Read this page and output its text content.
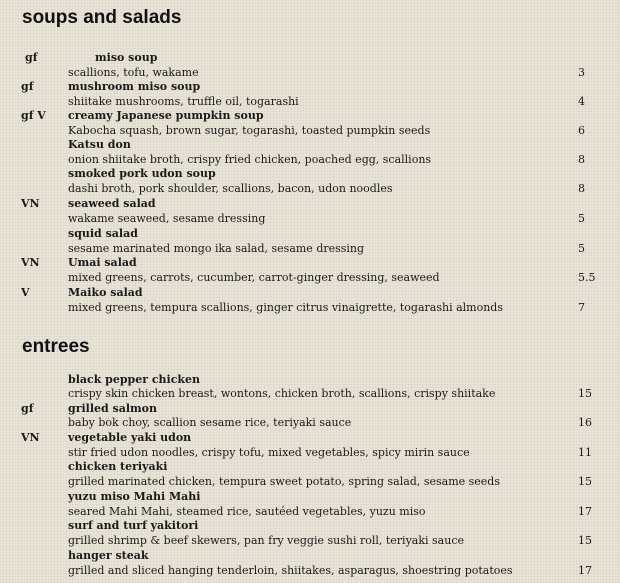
soups and salads
gf	miso soup
scallions, tofu, wakame	3
gf	mushroom miso soup
shiitake mushrooms, truffle oil, togarashi	4
gf V creamy Japanese pumpkin soup
Kabocha squash, brown sugar, togarashi, toasted pumpkin seeds	6
Katsu don
onion shiitake broth, crispy fried chicken, poached egg, scallions	8
smoked pork udon soup
dashi broth, pork shoulder, scallions, bacon, udon noodles	8
VN	seaweed salad
wakame seaweed, sesame dressing	5
squid salad
sesame marinated mongo ika salad, sesame dressing	5
VN	Umai salad
mixed greens, carrots, cucumber, carrot-ginger dressing, seaweed	5.5
V	Maiko salad
mixed greens, tempura scallions, ginger citrus vinaigrette, togarashi almonds	7
entrees
black pepper chicken
crispy skin chicken breast, wontons, chicken broth, scallions, crispy shiitake	15
gf	grilled salmon
baby bok choy, scallion sesame rice, teriyaki sauce	16
VN	vegetable yaki udon
stir fried udon noodles, crispy tofu, mixed vegetables, spicy mirin sauce	11
chicken teriyaki
grilled marinated chicken, tempura sweet potato, spring salad, sesame seeds	15
yuzu miso Mahi Mahi
seared Mahi Mahi, steamed rice, sautéed vegetables, yuzu miso	17
surf and turf yakitori
grilled shrimp & beef skewers, pan fry veggie sushi roll, teriyaki sauce	15
hanger steak
grilled and sliced hanging tenderloin, shiitakes, asparagus, shoestring potatoes	17
